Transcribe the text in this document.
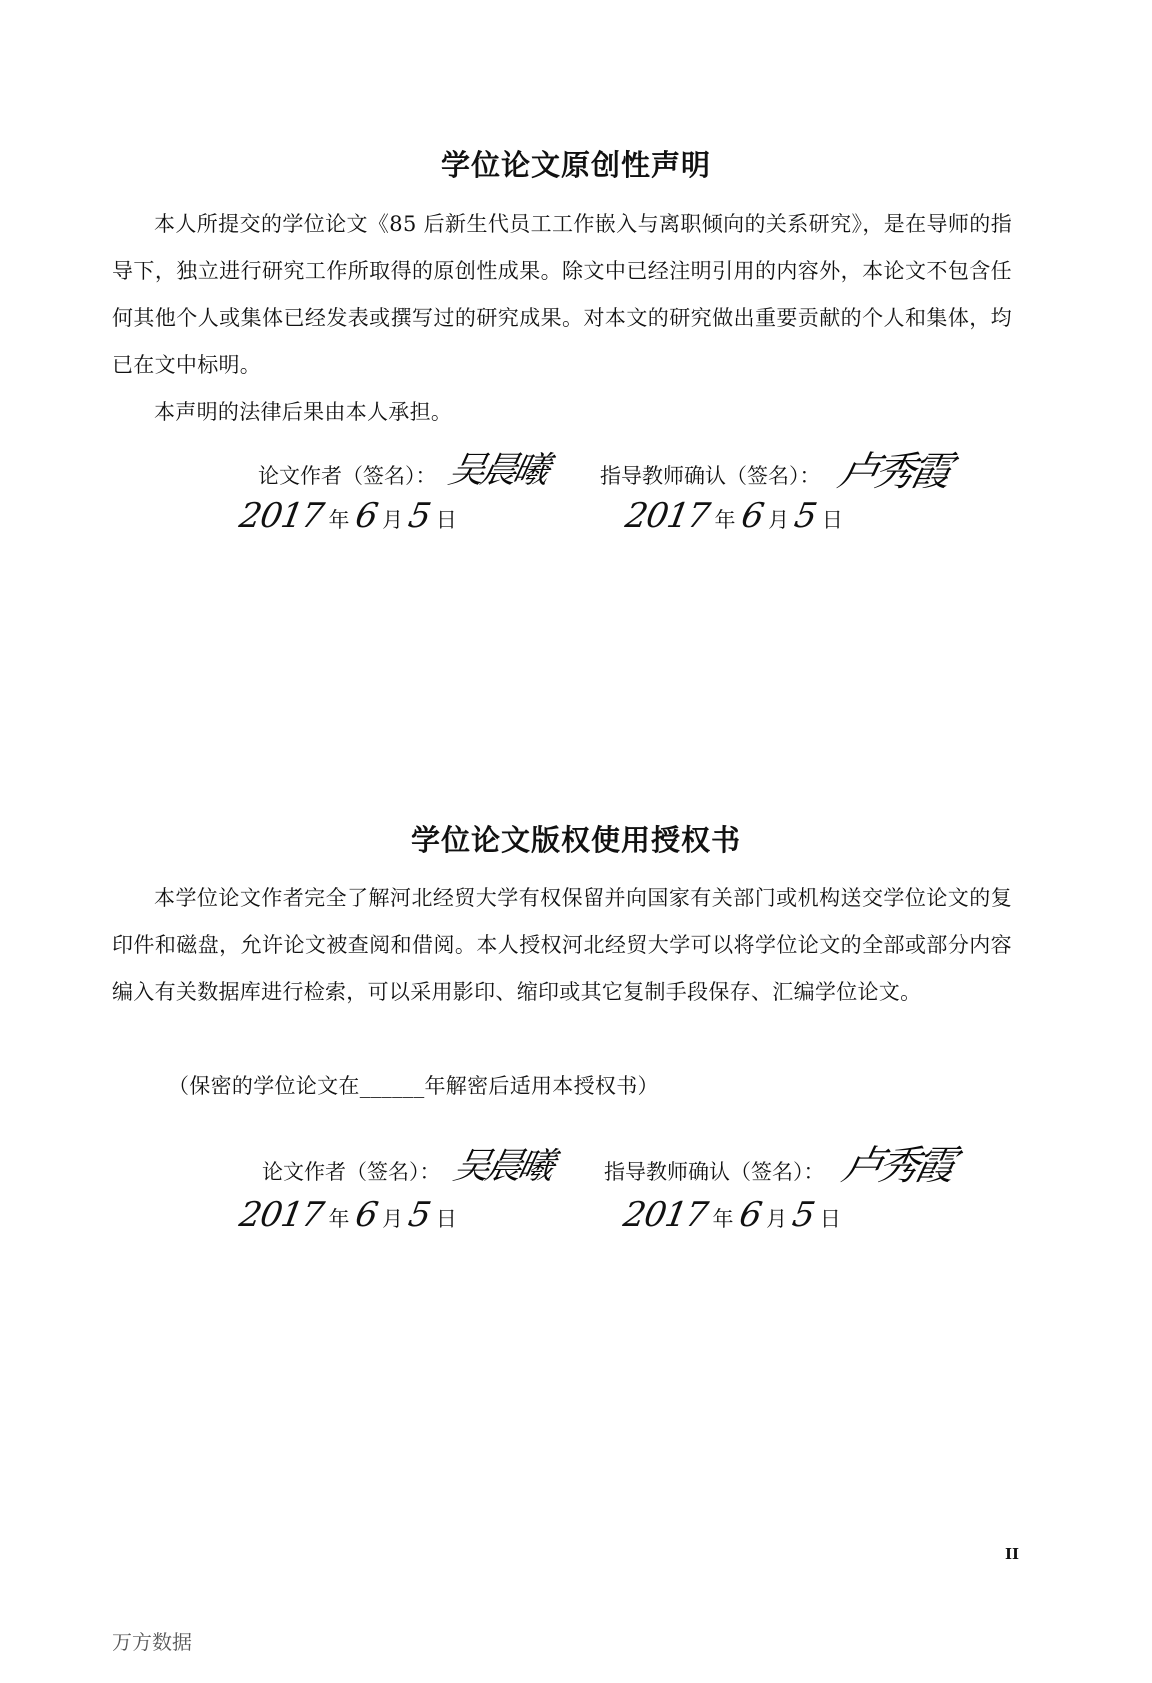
学位论文原创性声明
本人所提交的学位论文《85 后新生代员工工作嵌入与离职倾向的关系研究》，是在导师的指导下，独立进行研究工作所取得的原创性成果。除文中已经注明引用的内容外，本论文不包含任何其他个人或集体已经发表或撰写过的研究成果。对本文的研究做出重要贡献的个人和集体，均已在文中标明。
本声明的法律后果由本人承担。
论文作者（签名）： 吴晨曦 指导教师确认（签名）： 卢秀霞
2017 年6 月5 日	2017 年6 月5 日
学位论文版权使用授权书
本学位论文作者完全了解河北经贸大学有权保留并向国家有关部门或机构送交学位论文的复印件和磁盘，允许论文被查阅和借阅。本人授权河北经贸大学可以将学位论文的全部或部分内容编入有关数据库进行检索，可以采用影印、缩印或其它复制手段保存、汇编学位论文。
（保密的学位论文在______年解密后适用本授权书）
论文作者（签名）： 吴晨曦 指导教师确认（签名）： 卢秀霞
2017 年6 月5 日	2017 年6 月5 日
II
万方数据
